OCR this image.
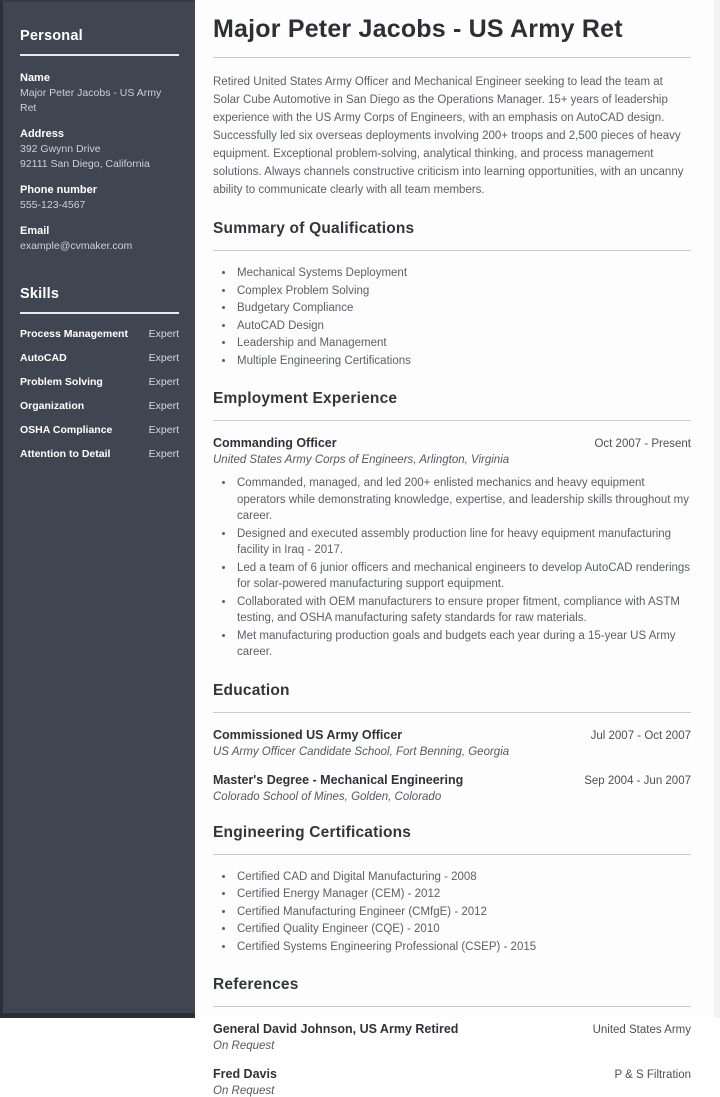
Personal
Name
Major Peter Jacobs - US Army Ret
Address
392 Gwynn Drive
92111 San Diego, California
Phone number
555-123-4567
Email
example@cvmaker.com
Skills
Process Management Expert
AutoCAD	Expert
Problem Solving	Expert
Organization	Expert
OSHA Compliance	Expert
Attention to Detail	Expert
Major Peter Jacobs - US Army Ret

Retired United States Army Officer and Mechanical Engineer seeking to lead the team at Solar Cube Automotive in San Diego as the Operations Manager. 15+ years of leadership experience with the US Army Corps of Engineers, with an emphasis on AutoCAD design. Successfully led six overseas deployments involving 200+ troops and 2,500 pieces of heavy equipment. Exceptional problem-solving, analytical thinking, and process management solutions. Always channels constructive criticism into learning opportunities, with an uncanny ability to communicate clearly with all team members.

Summary of Qualifications
• Mechanical Systems Deployment
• Complex Problem Solving
• Budgetary Compliance
• AutoCAD Design
• Leadership and Management
• Multiple Engineering Certifications
Employment Experience
Commanding Officer	Oct 2007 - Present
United States Army Corps of Engineers, Arlington, Virginia
• Commanded, managed, and led 200+ enlisted mechanics and heavy equipment operators while demonstrating knowledge, expertise, and leadership skills throughout my career.
• Designed and executed assembly production line for heavy equipment manufacturing facility in Iraq - 2017.
• Led a team of 6 junior officers and mechanical engineers to develop AutoCAD renderings for solar-powered manufacturing support equipment.
• Collaborated with OEM manufacturers to ensure proper fitment, compliance with ASTM testing, and OSHA manufacturing safety standards for raw materials.
• Met manufacturing production goals and budgets each year during a 15-year US Army career.
Education
Commissioned US Army Officer	Jul 2007 - Oct 2007
US Army Officer Candidate School, Fort Benning, Georgia
Master's Degree - Mechanical Engineering	Sep 2004 - Jun 2007
Colorado School of Mines, Golden, Colorado
Engineering Certifications
• Certified CAD and Digital Manufacturing - 2008
• Certified Energy Manager (CEM) - 2012
• Certified Manufacturing Engineer (CMfgE) - 2012
• Certified Quality Engineer (CQE) - 2010
• Certified Systems Engineering Professional (CSEP) - 2015
References
General David Johnson, US Army Retired	United States Army
On Request
Fred Davis	P & S Filtration
On Request
